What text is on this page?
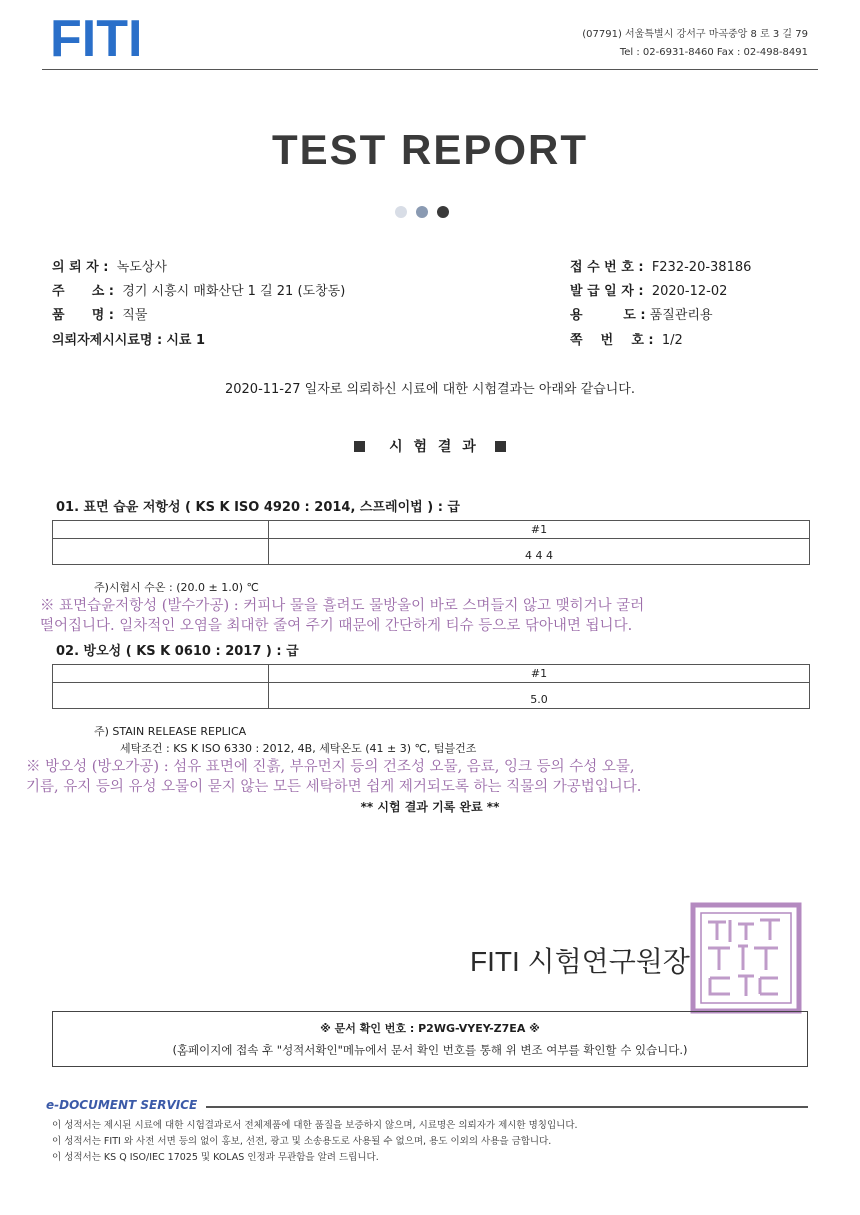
FITI	(07791) 서울특별시 강서구 마곡중앙 8 로 3 길 79
Tel : 02-6931-8460 Fax : 02-498-8491
TEST REPORT
의 뢰 자 : 녹도상사
주      소 : 경기 시흥시 매화산단 1 길 21 (도창동)
품      명 : 직물
의뢰자제시시료명 : 시료 1
접 수 번 호 : F232-20-38186
발 급 일 자 : 2020-12-02
용         도 : 품질관리용
쪽    번    호 : 1/2
2020-11-27 일자로 의뢰하신 시료에 대한 시험결과는 아래와 같습니다.
시 험 결 과
01. 표면 습윤 저항성 ( KS K ISO 4920 : 2014, 스프레이법 ) : 급
	#1

	4 4 4
주)시험시 수온 : (20.0 ± 1.0) ℃
※ 표면습윤저항성 (발수가공) : 커피나 물을 흘려도 물방울이 바로 스며들지 않고 맺히거나 굴러
떨어집니다. 일차적인 오염을 최대한 줄여 주기 때문에 간단하게 티슈 등으로 닦아내면 됩니다.
02. 방오성 ( KS K 0610 : 2017 ) : 급
	#1

	5.0
주) STAIN RELEASE REPLICA
세탁조건 : KS K ISO 6330 : 2012, 4B, 세탁온도 (41 ± 3) ℃, 텀블건조
※ 방오성 (방오가공) : 섬유 표면에 진흙, 부유먼지 등의 건조성 오물, 음료, 잉크 등의 수성 오물,
기름, 유지 등의 유성 오물이 묻지 않는 모든 세탁하면 쉽게 제거되도록 하는 직물의 가공법입니다.
** 시험 결과 기록 완료 **
FITI 시험연구원장
※ 문서 확인 번호 : P2WG-VYEY-Z7EA ※
(홈페이지에 접속 후 "성적서확인"메뉴에서 문서 확인 번호를 통해 위 변조 여부를 확인할 수 있습니다.)
e-DOCUMENT SERVICE
이 성적서는 제시된 시료에 대한 시험결과로서 전체제품에 대한 품질을 보증하지 않으며, 시료명은 의뢰자가 제시한 명칭입니다.
이 성적서는 FITI 와 사전 서면 등의 없이 홍보, 선전, 광고 및 소송용도로 사용될 수 없으며, 용도 이외의 사용을 금합니다.
이 성적서는 KS Q ISO/IEC 17025 및 KOLAS 인정과 무관함을 알려 드립니다.
